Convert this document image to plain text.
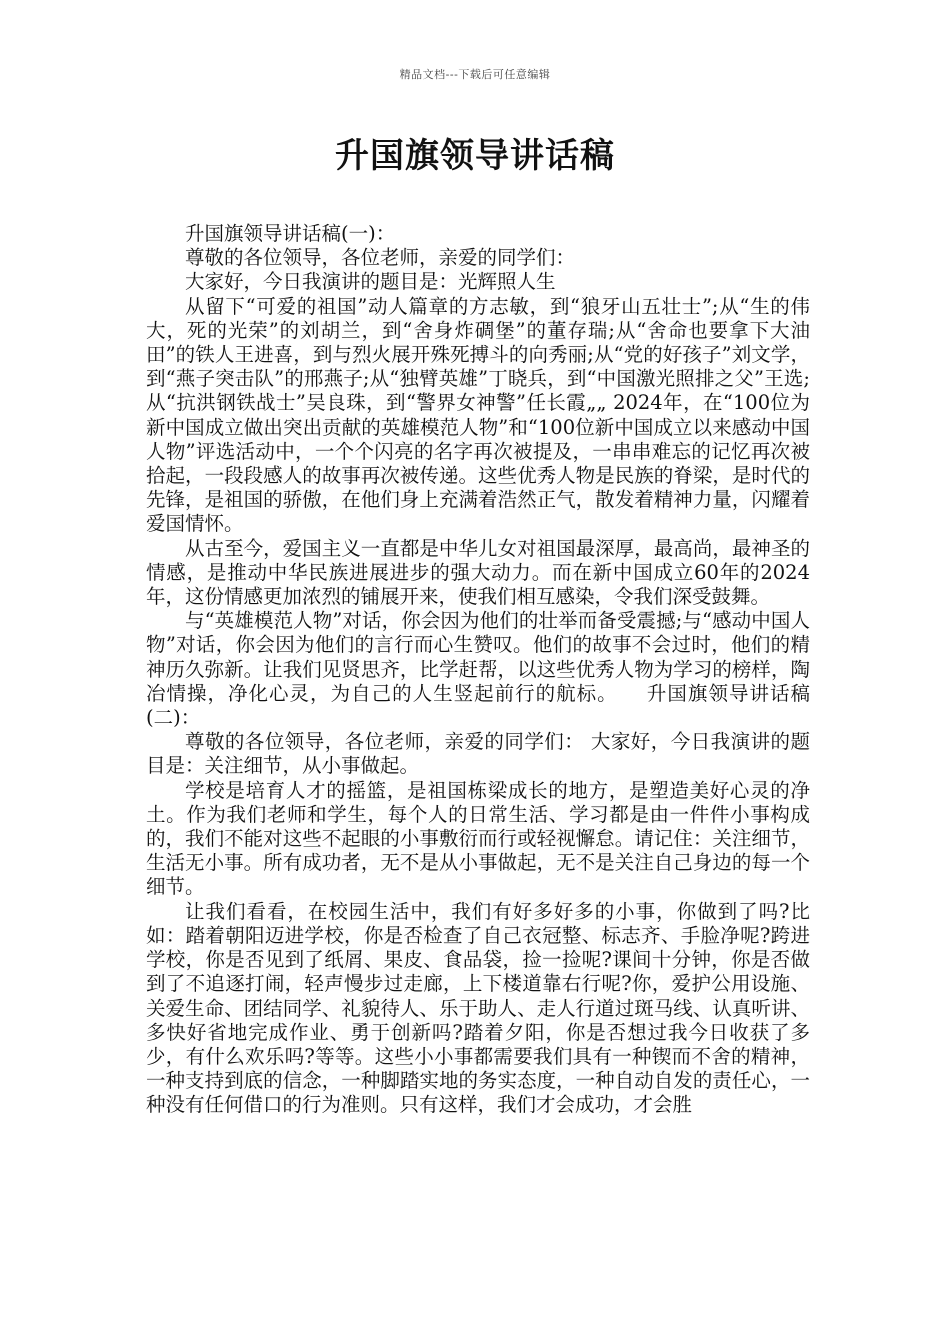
精品文档---下载后可任意编辑
升国旗领导讲话稿

升国旗领导讲话稿(一)：

尊敬的各位领导，各位老师，亲爱的同学们：

大家好，今日我演讲的题目是：光辉照人生

从留下“可爱的祖国”动人篇章的方志敏，到“狼牙山五壮士”;从“生的伟大，死的光荣”的刘胡兰，到“舍身炸碉堡”的董存瑞;从“舍命也要拿下大油田”的铁人王进喜，到与烈火展开殊死搏斗的向秀丽;从“党的好孩子”刘文学，到“燕子突击队”的邢燕子;从“独臂英雄”丁晓兵，到“中国激光照排之父”王选;从“抗洪钢铁战士”吴良珠，到“警界女神警”任长霞„„ 2024年，在“100位为新中国成立做出突出贡献的英雄模范人物”和“100位新中国成立以来感动中国人物”评选活动中，一个个闪亮的名字再次被提及，一串串难忘的记忆再次被拾起，一段段感人的故事再次被传递。这些优秀人物是民族的脊梁，是时代的先锋，是祖国的骄傲，在他们身上充满着浩然正气，散发着精神力量，闪耀着爱国情怀。

从古至今，爱国主义一直都是中华儿女对祖国最深厚，最高尚，最神圣的情感，是推动中华民族进展进步的强大动力。而在新中国成立60年的2024年，这份情感更加浓烈的铺展开来，使我们相互感染，令我们深受鼓舞。

与“英雄模范人物”对话，你会因为他们的壮举而备受震撼;与“感动中国人物”对话，你会因为他们的言行而心生赞叹。他们的故事不会过时，他们的精神历久弥新。让我们见贤思齐，比学赶帮，以这些优秀人物为学习的榜样，陶冶情操，净化心灵，为自己的人生竖起前行的航标。 升国旗领导讲话稿(二)：

尊敬的各位领导，各位老师，亲爱的同学们： 大家好，今日我演讲的题目是：关注细节，从小事做起。

学校是培育人才的摇篮，是祖国栋梁成长的地方，是塑造美好心灵的净土。作为我们老师和学生，每个人的日常生活、学习都是由一件件小事构成的，我们不能对这些不起眼的小事敷衍而行或轻视懈怠。请记住：关注细节，生活无小事。所有成功者，无不是从小事做起，无不是关注自己身边的每一个细节。

让我们看看，在校园生活中，我们有好多好多的小事，你做到了吗?比如：踏着朝阳迈进学校，你是否检查了自己衣冠整、标志齐、手脸净呢?跨进学校，你是否见到了纸屑、果皮、食品袋，捡一捡呢?课间十分钟，你是否做到了不追逐打闹，轻声慢步过走廊，上下楼道靠右行呢?你，爱护公用设施、关爱生命、团结同学、礼貌待人、乐于助人、走人行道过斑马线、认真听讲、多快好省地完成作业、勇于创新吗?踏着夕阳，你是否想过我今日收获了多少，有什么欢乐吗?等等。这些小小事都需要我们具有一种锲而不舍的精神，一种支持到底的信念，一种脚踏实地的务实态度，一种自动自发的责任心，一种没有任何借口的行为准则。只有这样，我们才会成功，才会胜
